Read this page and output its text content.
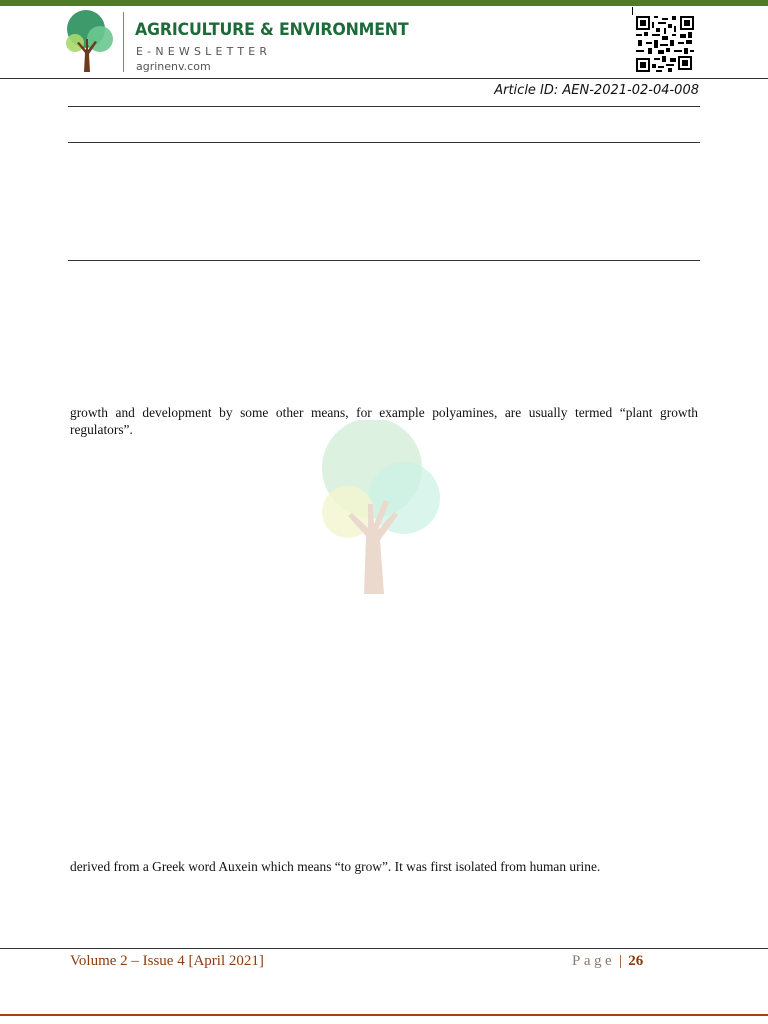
AGRICULTURE & ENVIRONMENT
E-NEWSLETTER
agrinenv.com
Article ID: AEN-2021-02-04-008

growth and development by some other means, for example polyamines, are usually termed “plant growth regulators”.

derived from a Greek word Auxein which means “to grow”. It was first isolated from human urine.

Volume 2 – Issue 4 [April 2021]	Page | 26
